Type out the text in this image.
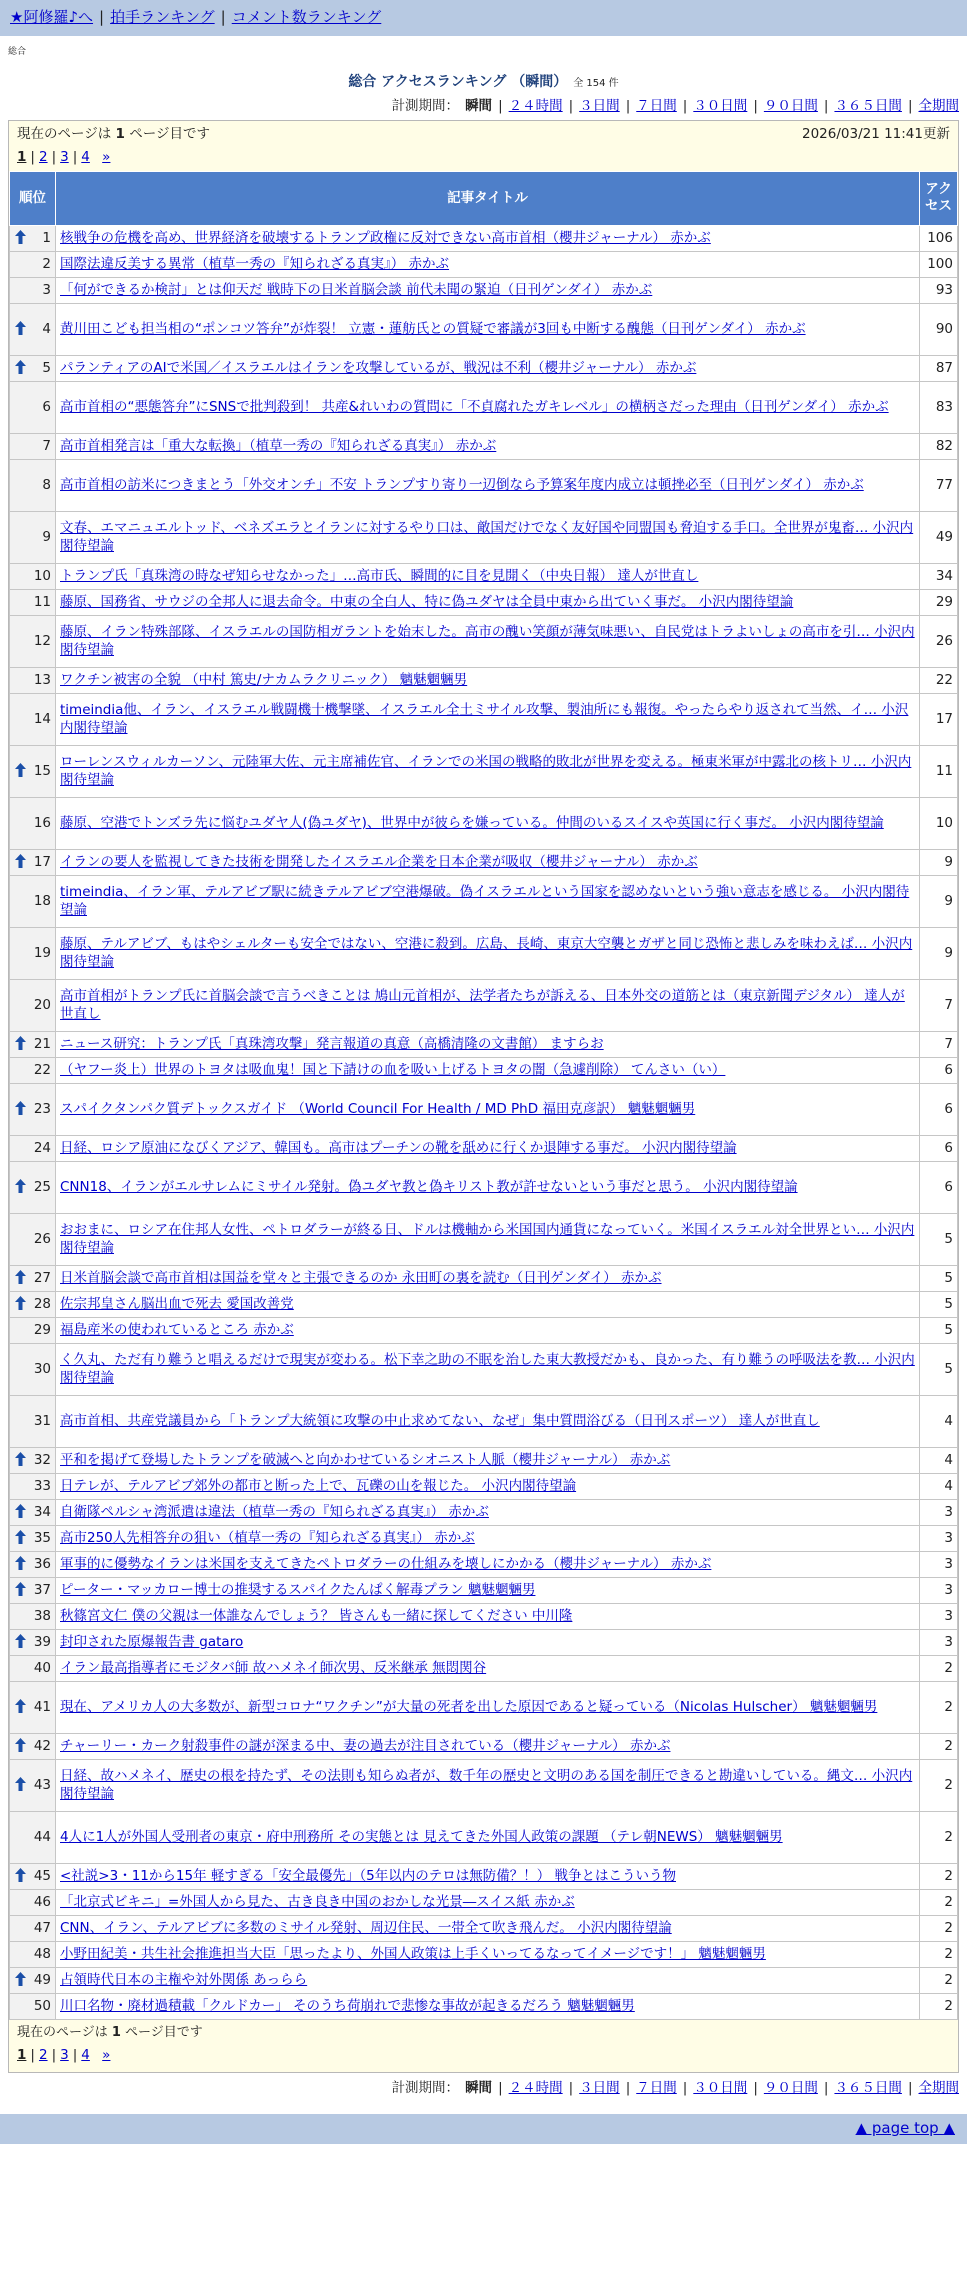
★阿修羅♪へ | 拍手ランキング | コメント数ランキング
総合
総合 アクセスランキング （瞬間） 全 154 件
計測期間： 瞬間 | ２４時間 | ３日間 | ７日間 | ３０日間 | ９０日間 | ３６５日間 | 全期間
現在のページは 1 ページ目です	2026/03/21 11:41更新
1 | 2 | 3 | 4 »
順位	記事タイトル	アクセス

1	核戦争の危機を高め、世界経済を破壊するトランプ政権に反対できない高市首相（櫻井ジャーナル） 赤かぶ	106
2	国際法違反美する異常（植草一秀の『知られざる真実』） 赤かぶ	100
3	「何ができるか検討」とは仰天だ 戦時下の日米首脳会談 前代未聞の緊迫（日刊ゲンダイ） 赤かぶ	93

4	黄川田こども担当相の“ポンコツ答弁”が炸裂！ 立憲・蓮舫氏との質疑で審議が3回も中断する醜態（日刊ゲンダイ） 赤かぶ	90

5	パランティアのAIで米国／イスラエルはイランを攻撃しているが、戦況は不利（櫻井ジャーナル） 赤かぶ	87
6	高市首相の“悪態答弁”にSNSで批判殺到！ 共産&れいわの質問に「不貞腐れたガキレベル」の横柄さだった理由（日刊ゲンダイ） 赤かぶ	83
7	高市首相発言は「重大な転換」（植草一秀の『知られざる真実』） 赤かぶ	82
8	高市首相の訪米につきまとう「外交オンチ」不安 トランプすり寄り一辺倒なら予算案年度内成立は頓挫必至（日刊ゲンダイ） 赤かぶ	77
9	文春、エマニュエルトッド、ベネズエラとイランに対するやり口は、敵国だけでなく友好国や同盟国も脅迫する手口。全世界が鬼畜… 小沢内閣待望論	49
10	トランプ氏「真珠湾の時なぜ知らせなかった」…高市氏、瞬間的に目を見開く（中央日報） 達人が世直し	34
11	藤原、国務省、サウジの全邦人に退去命令。中東の全白人、特に偽ユダヤは全員中東から出ていく事だ。 小沢内閣待望論	29
12	藤原、イラン特殊部隊、イスラエルの国防相ガラントを始末した。高市の醜い笑顔が薄気味悪い、自民党はトラよいしょの高市を引… 小沢内閣待望論	26
13	ワクチン被害の全貌 （中村 篤史/ナカムラクリニック） 魑魅魍魎男	22
14	timeindia他、イラン、イスラエル戦闘機十機撃墜、イスラエル全土ミサイル攻撃、製油所にも報復。やったらやり返されて当然、イ… 小沢内閣待望論	17

15	ローレンスウィルカーソン、元陸軍大佐、元主席補佐官、イランでの米国の戦略的敗北が世界を変える。極東米軍が中露北の核トリ… 小沢内閣待望論	11
16	藤原、空港でトンズラ先に悩むユダヤ人(偽ユダヤ)、世界中が彼らを嫌っている。仲間のいるスイスや英国に行く事だ。 小沢内閣待望論	10

17	イランの要人を監視してきた技術を開発したイスラエル企業を日本企業が吸収（櫻井ジャーナル） 赤かぶ	9
18	timeindia、イラン軍、テルアビブ駅に続きテルアビブ空港爆破。偽イスラエルという国家を認めないという強い意志を感じる。 小沢内閣待望論	9
19	藤原、テルアビブ、もはやシェルターも安全ではない、空港に殺到。広島、長崎、東京大空襲とガザと同じ恐怖と悲しみを味わえば… 小沢内閣待望論	9
20	高市首相がトランプ氏に首脳会談で言うべきことは 鳩山元首相が、法学者たちが訴える、日本外交の道筋とは（東京新聞デジタル） 達人が世直し	7

21	ニュース研究：トランプ氏「真珠湾攻撃」発言報道の真意（高橋清隆の文書館） ますらお	7
22	（ヤフー炎上）世界のトヨタは吸血鬼！国と下請けの血を吸い上げるトヨタの闇（急遽削除） てんさい（い）	6

23	スパイクタンパク質デトックスガイド （World Council For Health / MD PhD 福田克彦訳） 魑魅魍魎男	6
24	日経、ロシア原油になびくアジア、韓国も。高市はプーチンの靴を舐めに行くか退陣する事だ。 小沢内閣待望論	6

25	CNN18、イランがエルサレムにミサイル発射。偽ユダヤ教と偽キリスト教が許せないという事だと思う。 小沢内閣待望論	6
26	おおまに、ロシア在住邦人女性、ペトロダラーが終る日、ドルは機軸から米国国内通貨になっていく。米国イスラエル対全世界とい… 小沢内閣待望論	5

27	日米首脳会談で高市首相は国益を堂々と主張できるのか 永田町の裏を読む（日刊ゲンダイ） 赤かぶ	5

28	佐宗邦皇さん脳出血で死去 愛国改善党	5
29	福島産米の使われているところ 赤かぶ	5
30	く久丸、ただ有り難うと唱えるだけで現実が変わる。松下幸之助の不眠を治した東大教授だかも、良かった、有り難うの呼吸法を教… 小沢内閣待望論	5
31	高市首相、共産党議員から「トランプ大統領に攻撃の中止求めてない、なぜ」集中質問浴びる（日刊スポーツ） 達人が世直し	4

32	平和を掲げて登場したトランプを破滅へと向かわせているシオニスト人脈（櫻井ジャーナル） 赤かぶ	4
33	日テレが、テルアビブ郊外の都市と断った上で、瓦礫の山を報じた。 小沢内閣待望論	4

34	自衛隊ペルシャ湾派遣は違法（植草一秀の『知られざる真実』） 赤かぶ	3

35	高市250人先相答弁の狙い（植草一秀の『知られざる真実』） 赤かぶ	3

36	軍事的に優勢なイランは米国を支えてきたペトロダラーの仕組みを壊しにかかる（櫻井ジャーナル） 赤かぶ	3

37	ピーター・マッカロー博士の推奨するスパイクたんぱく解毒プラン 魑魅魍魎男	3
38	秋篠宮文仁 僕の父親は一体誰なんでしょう？ 皆さんも一緒に探してください 中川隆	3

39	封印された原爆報告書 gataro	3
40	イラン最高指導者にモジタバ師 故ハメネイ師次男、反米継承 無悶関谷	2

41	現在、アメリカ人の大多数が、新型コロナ“ワクチン”が大量の死者を出した原因であると疑っている（Nicolas Hulscher） 魑魅魍魎男	2

42	チャーリー・カーク射殺事件の謎が深まる中、妻の過去が注目されている（櫻井ジャーナル） 赤かぶ	2

43	日経、故ハメネイ、歴史の根を持たず、その法則も知らぬ者が、数千年の歴史と文明のある国を制圧できると勘違いしている。縄文… 小沢内閣待望論	2
44	4人に1人が外国人受刑者の東京・府中刑務所 その実態とは 見えてきた外国人政策の課題 （テレ朝NEWS） 魑魅魍魎男	2

45	<社説>3・11から15年 軽すぎる「安全最優先」（5年以内のテロは無防備？！） 戦争とはこういう物	2
46	「北京式ビキニ」=外国人から見た、古き良き中国のおかしな光景―スイス紙 赤かぶ	2
47	CNN、イラン、テルアビブに多数のミサイル発射、周辺住民、一帯全て吹き飛んだ。 小沢内閣待望論	2
48	小野田紀美・共生社会推進担当大臣「思ったより、外国人政策は上手くいってるなってイメージです！」 魑魅魍魎男	2

49	占領時代日本の主権や対外関係 あっらら	2
50	川口名物・廃材過積載「クルドカー」 そのうち荷崩れで悲惨な事故が起きるだろう 魑魅魍魎男	2
現在のページは 1 ページ目です
1 | 2 | 3 | 4 »
計測期間： 瞬間 | ２４時間 | ３日間 | ７日間 | ３０日間 | ９０日間 | ３６５日間 | 全期間
▲ page top ▲
